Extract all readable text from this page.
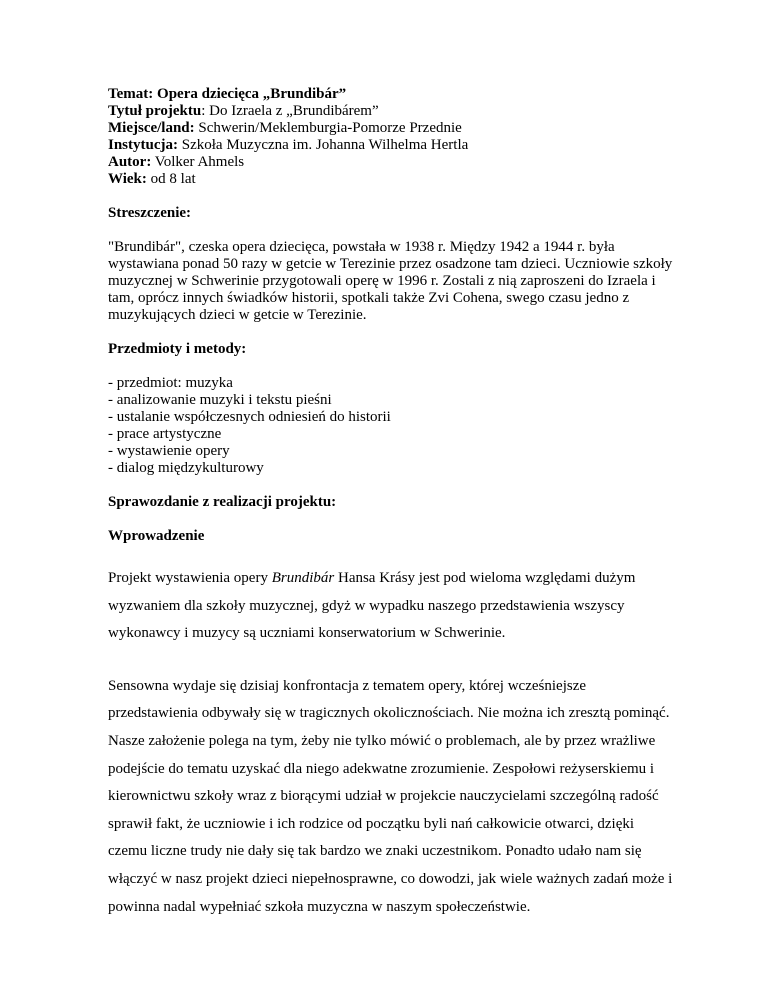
Temat: Opera dziecięca „Brundibár”
Tytuł projektu: Do Izraela z „Brundibárem”
Miejsce/land: Schwerin/Meklemburgia-Pomorze Przednie
Instytucja: Szkoła Muzyczna im. Johanna Wilhelma Hertla
Autor: Volker Ahmels
Wiek: od 8 lat
Streszczenie:
"Brundibár", czeska opera dziecięca, powstała w 1938 r. Między 1942 a 1944 r. była
wystawiana ponad 50 razy w getcie w Terezinie przez osadzone tam dzieci. Uczniowie szkoły
muzycznej w Schwerinie przygotowali operę w 1996 r. Zostali z nią zaproszeni do Izraela i
tam, oprócz innych świadków historii, spotkali także Zvi Cohena, swego czasu jedno z
muzykujących dzieci w getcie w Terezinie.
Przedmioty i metody:
- przedmiot: muzyka
- analizowanie muzyki i tekstu pieśni
- ustalanie współczesnych odniesień do historii
- prace artystyczne
- wystawienie opery
- dialog międzykulturowy
Sprawozdanie z realizacji projektu:
Wprowadzenie
Projekt wystawienia opery Brundibár Hansa Krásy jest pod wieloma względami dużym
wyzwaniem dla szkoły muzycznej, gdyż w wypadku naszego przedstawienia wszyscy
wykonawcy i muzycy są uczniami konserwatorium w Schwerinie.
Sensowna wydaje się dzisiaj konfrontacja z tematem opery, której wcześniejsze
przedstawienia odbywały się w tragicznych okolicznościach. Nie można ich zresztą pominąć.
Nasze założenie polega na tym, żeby nie tylko mówić o problemach, ale by przez wrażliwe
podejście do tematu uzyskać dla niego adekwatne zrozumienie. Zespołowi reżyserskiemu i
kierownictwu szkoły wraz z biorącymi udział w projekcie nauczycielami szczególną radość
sprawił fakt, że uczniowie i ich rodzice od początku byli nań całkowicie otwarci, dzięki
czemu liczne trudy nie dały się tak bardzo we znaki uczestnikom. Ponadto udało nam się
włączyć w nasz projekt dzieci niepełnosprawne, co dowodzi, jak wiele ważnych zadań może i
powinna nadal wypełniać szkoła muzyczna w naszym społeczeństwie.
